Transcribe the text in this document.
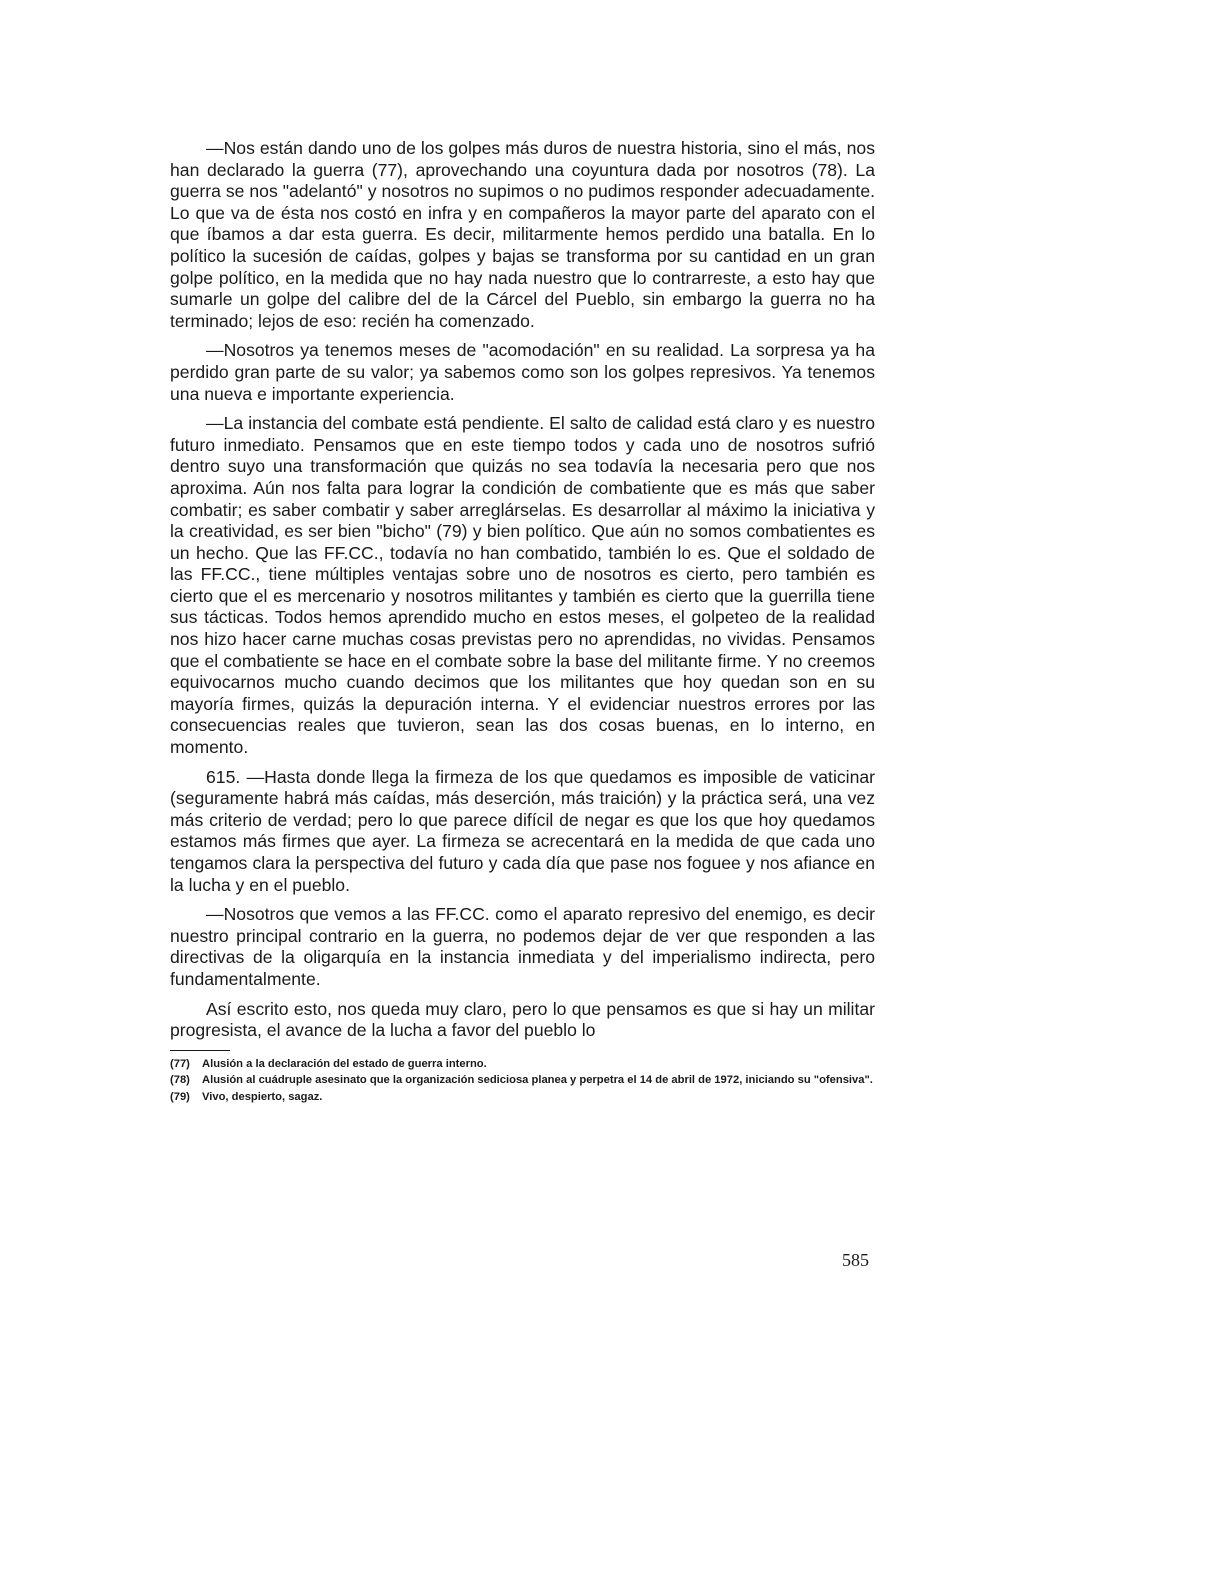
—Nos están dando uno de los golpes más duros de nuestra historia, sino el más, nos han declarado la guerra (77), aprovechando una coyuntura dada por nosotros (78). La guerra se nos "adelantó" y nosotros no supimos o no pudimos responder adecuadamente. Lo que va de ésta nos costó en infra y en compañeros la mayor parte del aparato con el que íbamos a dar esta guerra. Es decir, militarmente hemos perdido una batalla. En lo político la sucesión de caídas, golpes y bajas se transforma por su cantidad en un gran golpe político, en la medida que no hay nada nuestro que lo contrarreste, a esto hay que sumarle un golpe del calibre del de la Cárcel del Pueblo, sin embargo la guerra no ha terminado; lejos de eso: recién ha comenzado.

—Nosotros ya tenemos meses de "acomodación" en su realidad. La sorpresa ya ha perdido gran parte de su valor; ya sabemos como son los golpes represivos. Ya tenemos una nueva e importante experiencia.

—La instancia del combate está pendiente. El salto de calidad está claro y es nuestro futuro inmediato. Pensamos que en este tiempo todos y cada uno de nosotros sufrió dentro suyo una transformación que quizás no sea todavía la necesaria pero que nos aproxima. Aún nos falta para lograr la condición de combatiente que es más que saber combatir; es saber combatir y saber arreglárselas. Es desarrollar al máximo la iniciativa y la creatividad, es ser bien "bicho" (79) y bien político. Que aún no somos combatientes es un hecho. Que las FF.CC., todavía no han combatido, también lo es. Que el soldado de las FF.CC., tiene múltiples ventajas sobre uno de nosotros es cierto, pero también es cierto que el es mercenario y nosotros militantes y también es cierto que la guerrilla tiene sus tácticas. Todos hemos aprendido mucho en estos meses, el golpeteo de la realidad nos hizo hacer carne muchas cosas previstas pero no aprendidas, no vividas. Pensamos que el combatiente se hace en el combate sobre la base del militante firme. Y no creemos equivocarnos mucho cuando decimos que los militantes que hoy quedan son en su mayoría firmes, quizás la depuración interna. Y el evidenciar nuestros errores por las consecuencias reales que tuvieron, sean las dos cosas buenas, en lo interno, en momento.

615. —Hasta donde llega la firmeza de los que quedamos es imposible de vaticinar (seguramente habrá más caídas, más deserción, más traición) y la práctica será, una vez más criterio de verdad; pero lo que parece difícil de negar es que los que hoy quedamos estamos más firmes que ayer. La firmeza se acrecentará en la medida de que cada uno tengamos clara la perspectiva del futuro y cada día que pase nos foguee y nos afiance en la lucha y en el pueblo.

—Nosotros que vemos a las FF.CC. como el aparato represivo del enemigo, es decir nuestro principal contrario en la guerra, no podemos dejar de ver que responden a las directivas de la oligarquía en la instancia inmediata y del imperialismo indirecta, pero fundamentalmente.

Así escrito esto, nos queda muy claro, pero lo que pensamos es que si hay un militar progresista, el avance de la lucha a favor del pueblo lo

(77)	Alusión a la declaración del estado de guerra interno.
(78)	Alusión al cuádruple asesinato que la organización sediciosa planea y perpetra el 14 de abril de 1972, iniciando su "ofensiva".
(79)	Vivo, despierto, sagaz.
585
